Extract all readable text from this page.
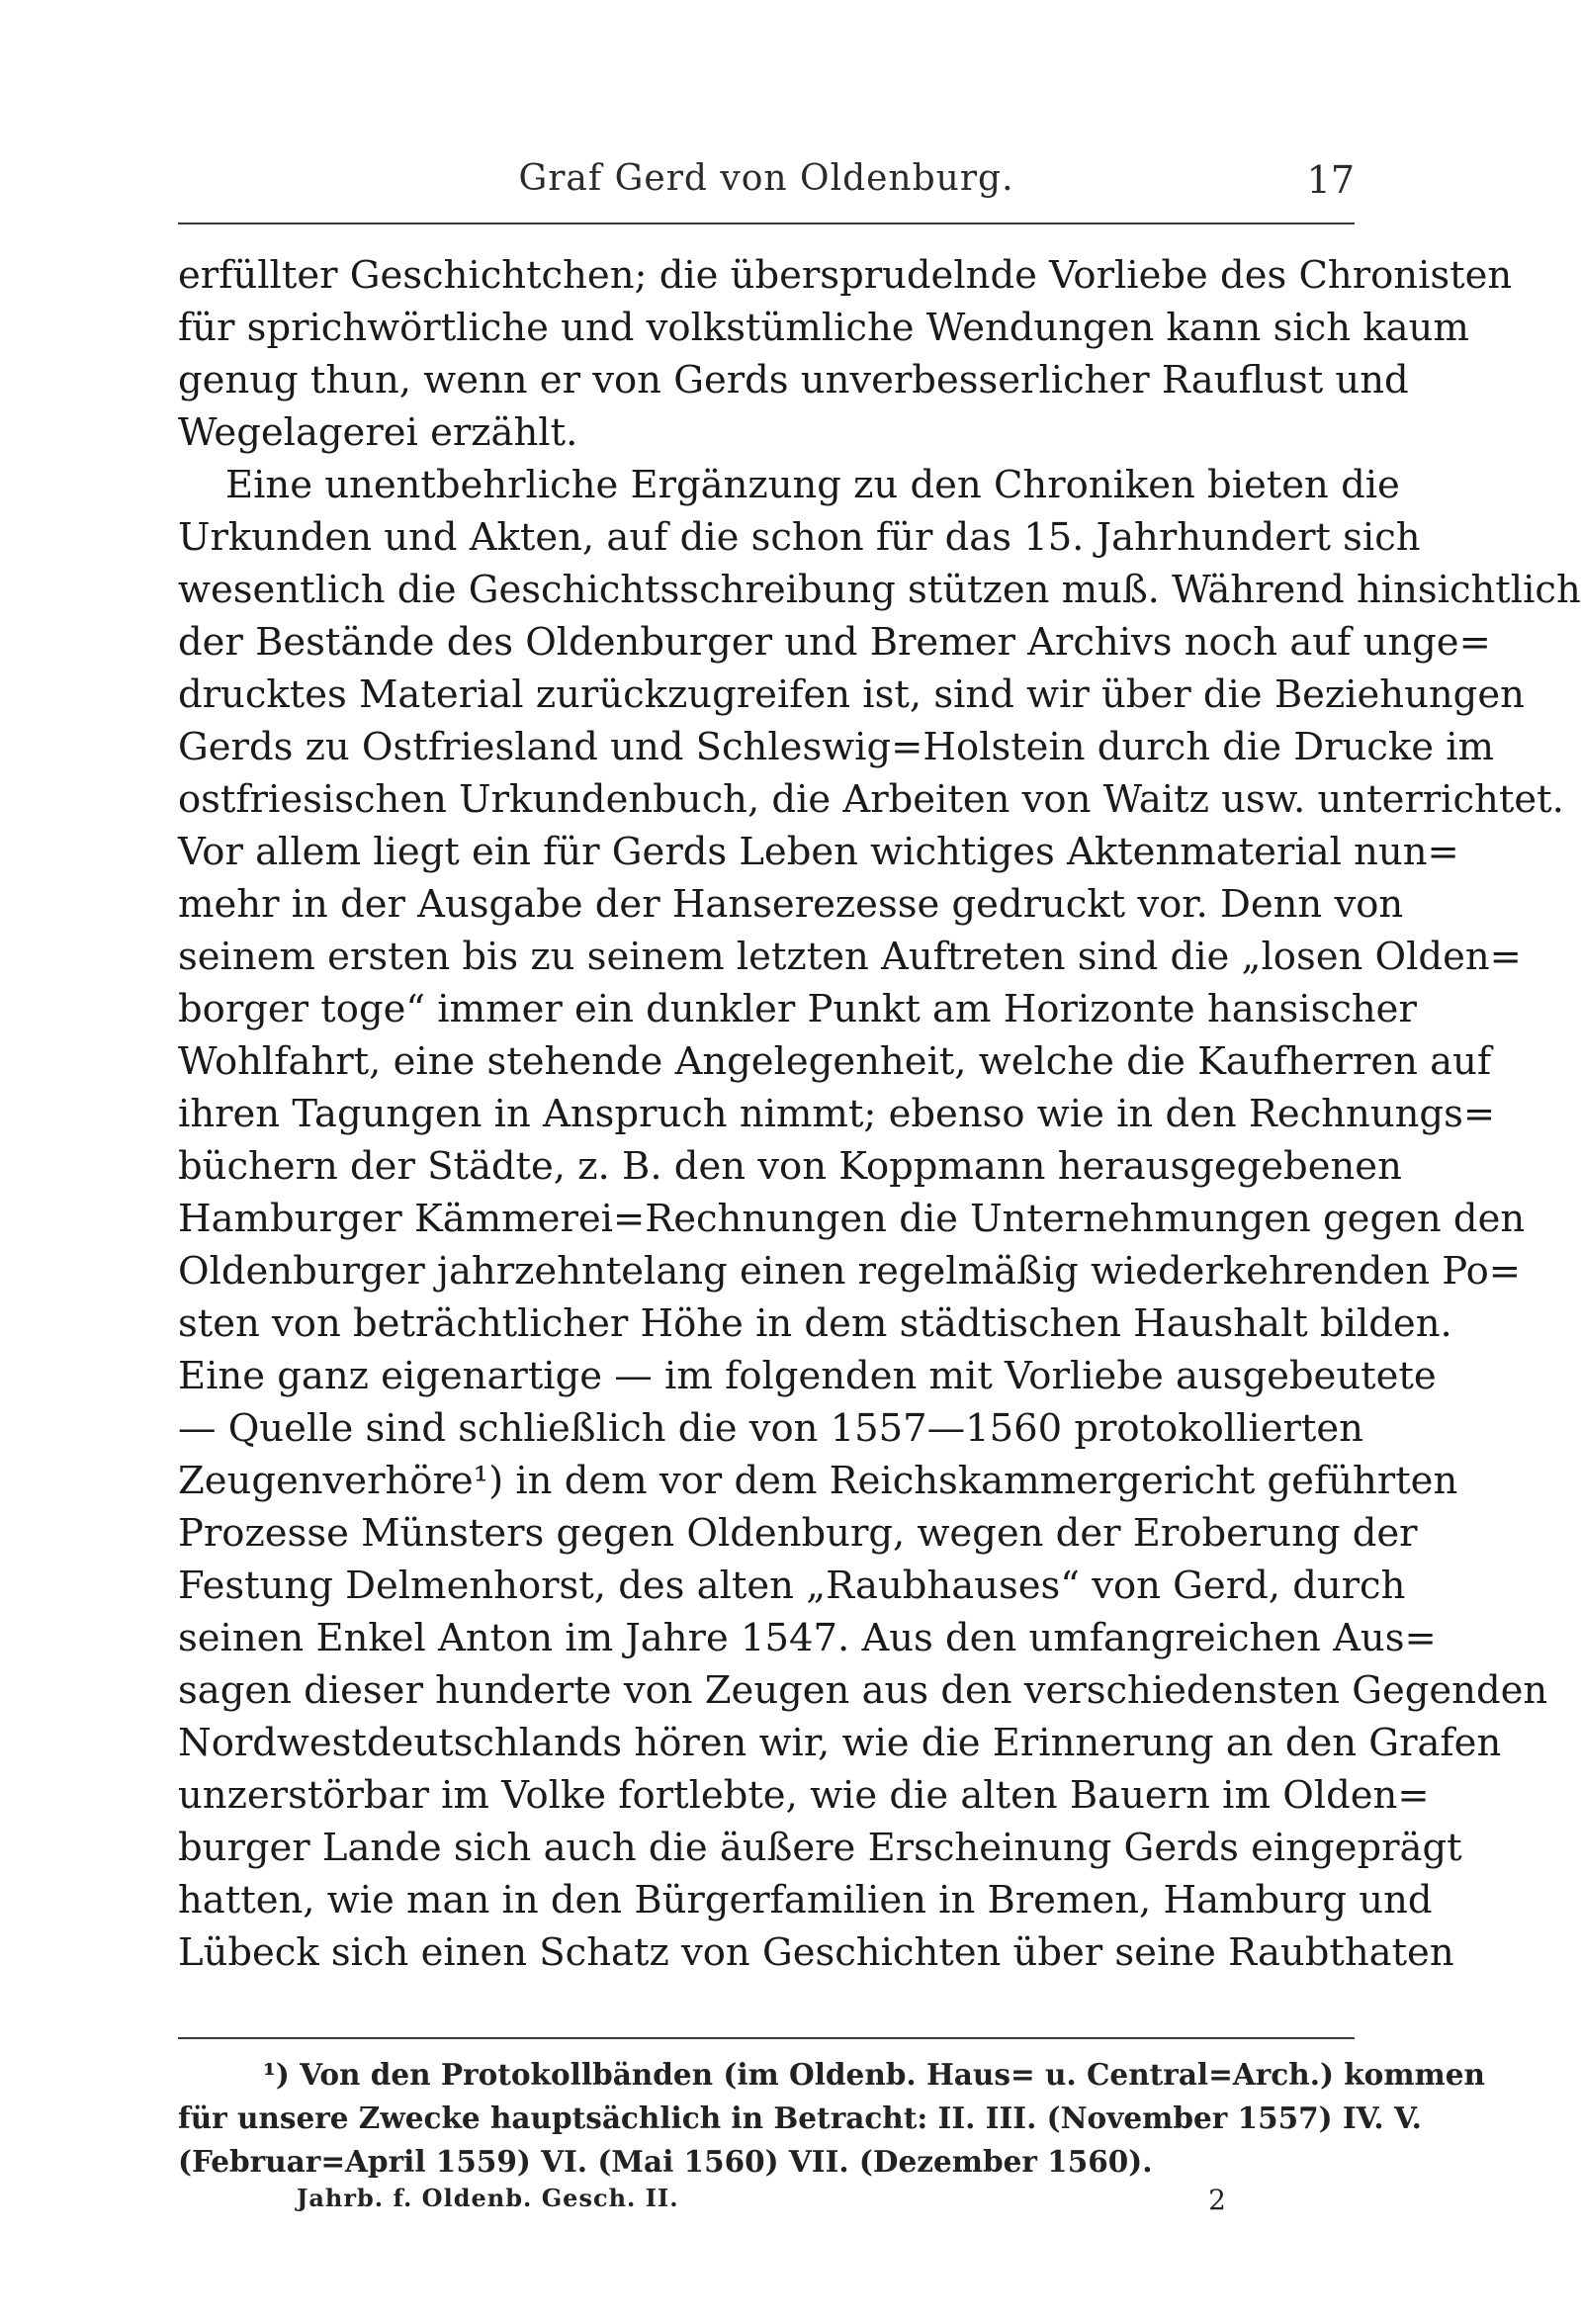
Graf Gerd von Oldenburg.	17
erfüllter Geschichtchen; die übersprudelnde Vorliebe des Chronisten
für sprichwörtliche und volkstümliche Wendungen kann sich kaum
genug thun, wenn er von Gerds unverbesserlicher Rauflust und
Wegelagerei erzählt.
Eine unentbehrliche Ergänzung zu den Chroniken bieten die
Urkunden und Akten, auf die schon für das 15. Jahrhundert sich
wesentlich die Geschichtsschreibung stützen muß. Während hinsichtlich
der Bestände des Oldenburger und Bremer Archivs noch auf unge=
drucktes Material zurückzugreifen ist, sind wir über die Beziehungen
Gerds zu Ostfriesland und Schleswig=Holstein durch die Drucke im
ostfriesischen Urkundenbuch, die Arbeiten von Waitz usw. unterrichtet.
Vor allem liegt ein für Gerds Leben wichtiges Aktenmaterial nun=
mehr in der Ausgabe der Hanserezesse gedruckt vor. Denn von
seinem ersten bis zu seinem letzten Auftreten sind die „losen Olden=
borger toge“ immer ein dunkler Punkt am Horizonte hansischer
Wohlfahrt, eine stehende Angelegenheit, welche die Kaufherren auf
ihren Tagungen in Anspruch nimmt; ebenso wie in den Rechnungs=
büchern der Städte, z. B. den von Koppmann herausgegebenen
Hamburger Kämmerei=Rechnungen die Unternehmungen gegen den
Oldenburger jahrzehntelang einen regelmäßig wiederkehrenden Po=
sten von beträchtlicher Höhe in dem städtischen Haushalt bilden.
Eine ganz eigenartige — im folgenden mit Vorliebe ausgebeutete
— Quelle sind schließlich die von 1557—1560 protokollierten
Zeugenverhöre¹) in dem vor dem Reichskammergericht geführten
Prozesse Münsters gegen Oldenburg, wegen der Eroberung der
Festung Delmenhorst, des alten „Raubhauses“ von Gerd, durch
seinen Enkel Anton im Jahre 1547. Aus den umfangreichen Aus=
sagen dieser hunderte von Zeugen aus den verschiedensten Gegenden
Nordwestdeutschlands hören wir, wie die Erinnerung an den Grafen
unzerstörbar im Volke fortlebte, wie die alten Bauern im Olden=
burger Lande sich auch die äußere Erscheinung Gerds eingeprägt
hatten, wie man in den Bürgerfamilien in Bremen, Hamburg und
Lübeck sich einen Schatz von Geschichten über seine Raubthaten
¹) Von den Protokollbänden (im Oldenb. Haus= u. Central=Arch.) kommen
für unsere Zwecke hauptsächlich in Betracht: II. III. (November 1557) IV. V.
(Februar=April 1559) VI. (Mai 1560) VII. (Dezember 1560).
Jahrb. f. Oldenb. Gesch. II.	2
